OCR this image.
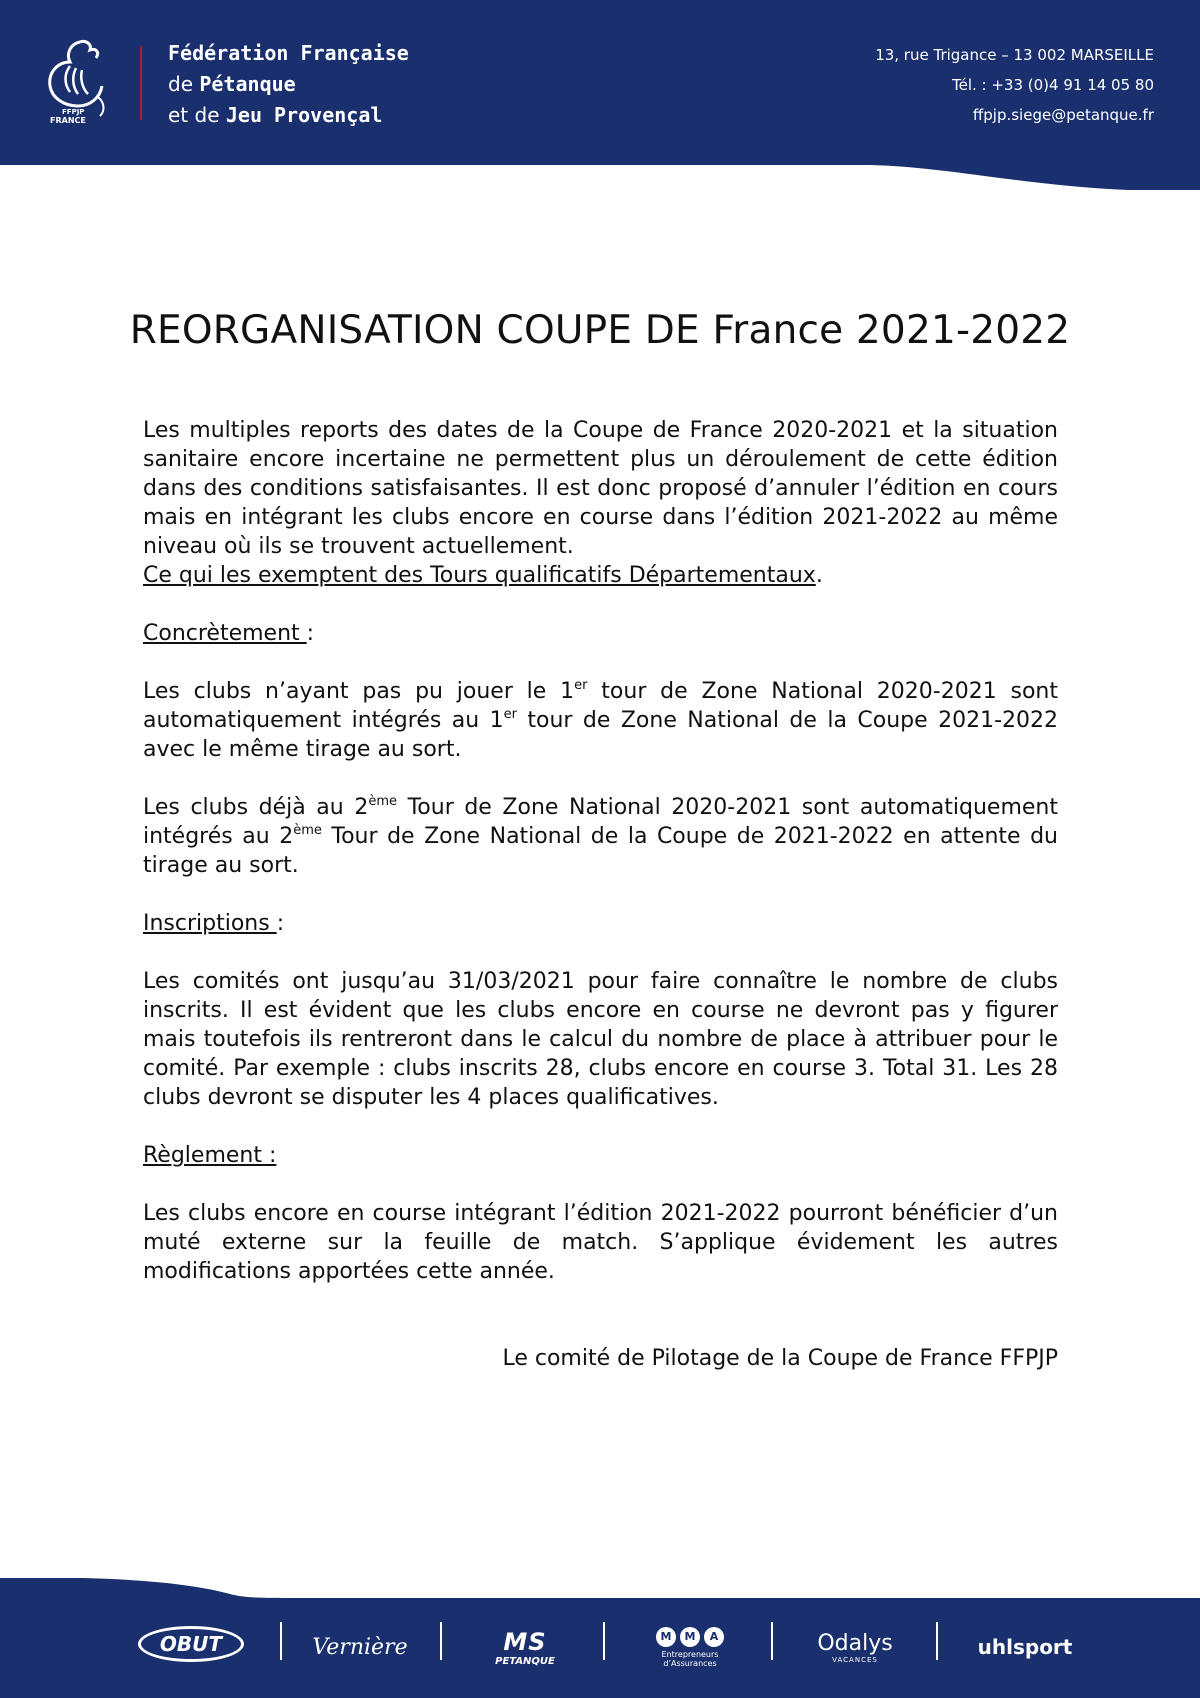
FFPJP
FRANCE
Fédération Française
de Pétanque
et de Jeu Provençal
13, rue Trigance – 13 002 MARSEILLE
Tél. : +33 (0)4 91 14 05 80
ffpjp.siege@petanque.fr
REORGANISATION COUPE DE France 2021-2022

Les multiples reports des dates de la Coupe de France 2020-2021 et la situation sanitaire encore incertaine ne permettent plus un déroulement de cette édition dans des conditions satisfaisantes. Il est donc proposé d’annuler l’édition en cours mais en intégrant les clubs encore en course dans l’édition 2021-2022 au même niveau où ils se trouvent actuellement.

Ce qui les exemptent des Tours qualificatifs Départementaux.

Concrètement :

Les clubs n’ayant pas pu jouer le 1er tour de Zone National 2020-2021 sont automatiquement intégrés au 1er tour de Zone National de la Coupe 2021-2022 avec le même tirage au sort.

Les clubs déjà au 2ème Tour de Zone National 2020-2021 sont automatiquement intégrés au 2ème Tour de Zone National de la Coupe de 2021-2022 en attente du tirage au sort.

Inscriptions :

Les comités ont jusqu’au 31/03/2021 pour faire connaître le nombre de clubs inscrits. Il est évident que les clubs encore en course ne devront pas y figurer mais toutefois ils rentreront dans le calcul du nombre de place à attribuer pour le comité. Par exemple : clubs inscrits 28, clubs encore en course 3. Total 31. Les 28 clubs devront se disputer les 4 places qualificatives.

Règlement :

Les clubs encore en course intégrant l’édition 2021-2022 pourront bénéficier d’un muté externe sur la feuille de match. S’applique évidement les autres modifications apportées cette année.

Le comité de Pilotage de la Coupe de France FFPJP

OBUT	Vernière	MS
PETANQUE
M	M	A
Entrepreneurs d’Assurances
Odalys
VACANCES
uhlsport
